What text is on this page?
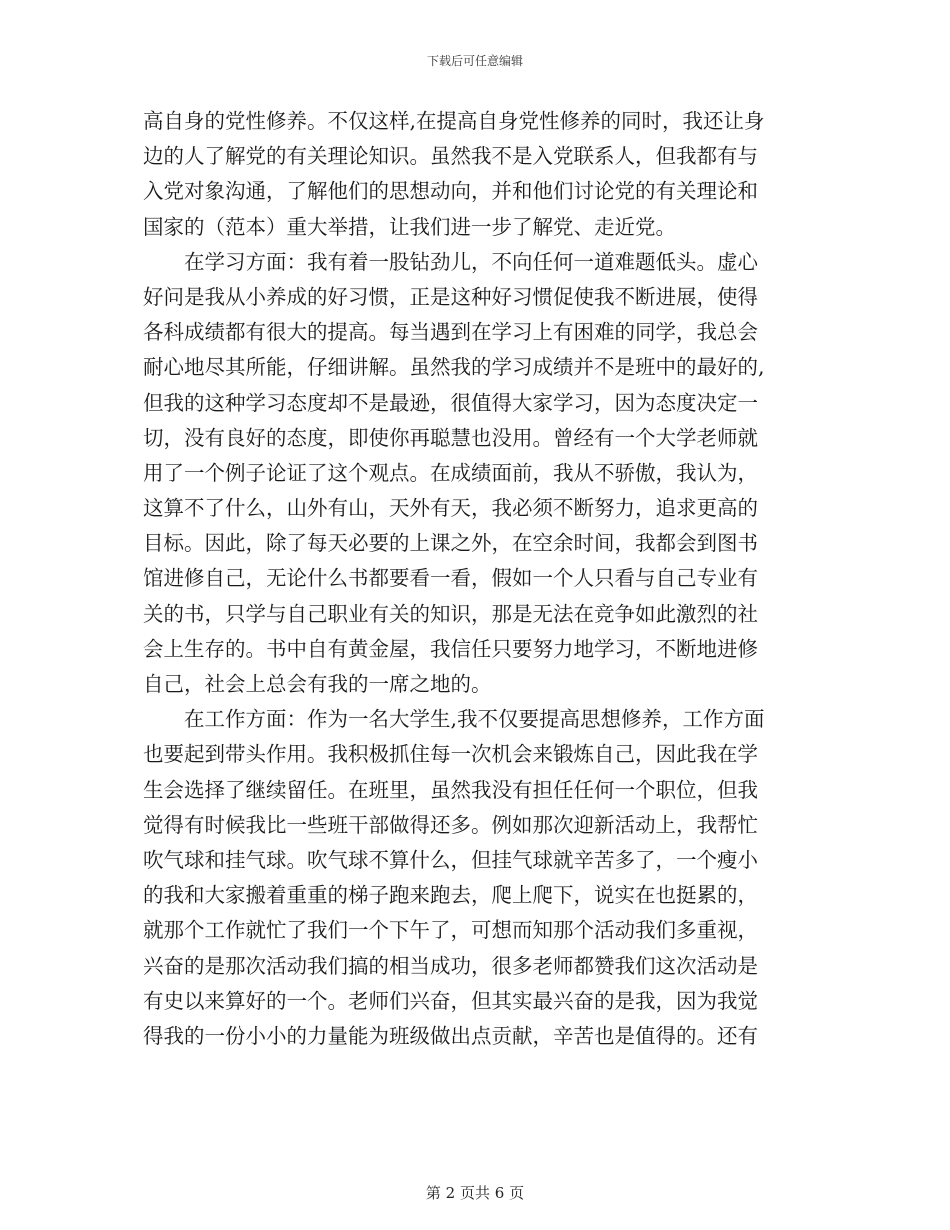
下载后可任意编辑
高自身的党性修养。不仅这样,在提高自身党性修养的同时，我还让身
边的人了解党的有关理论知识。虽然我不是入党联系人，但我都有与
入党对象沟通，了解他们的思想动向，并和他们讨论党的有关理论和
国家的（范本）重大举措，让我们进一步了解党、走近党。
在学习方面：我有着一股钻劲儿，不向任何一道难题低头。虚心
好问是我从小养成的好习惯，正是这种好习惯促使我不断进展，使得
各科成绩都有很大的提高。每当遇到在学习上有困难的同学，我总会
耐心地尽其所能，仔细讲解。虽然我的学习成绩并不是班中的最好的,
但我的这种学习态度却不是最逊，很值得大家学习，因为态度决定一
切，没有良好的态度，即使你再聪慧也没用。曾经有一个大学老师就
用了一个例子论证了这个观点。在成绩面前，我从不骄傲，我认为，
这算不了什么，山外有山，天外有天，我必须不断努力，追求更高的
目标。因此，除了每天必要的上课之外，在空余时间，我都会到图书
馆进修自己，无论什么书都要看一看，假如一个人只看与自己专业有
关的书，只学与自己职业有关的知识，那是无法在竞争如此激烈的社
会上生存的。书中自有黄金屋，我信任只要努力地学习，不断地进修
自己，社会上总会有我的一席之地的。
在工作方面：作为一名大学生,我不仅要提高思想修养，工作方面
也要起到带头作用。我积极抓住每一次机会来锻炼自己，因此我在学
生会选择了继续留任。在班里，虽然我没有担任任何一个职位，但我
觉得有时候我比一些班干部做得还多。例如那次迎新活动上，我帮忙
吹气球和挂气球。吹气球不算什么，但挂气球就辛苦多了，一个瘦小
的我和大家搬着重重的梯子跑来跑去，爬上爬下，说实在也挺累的，
就那个工作就忙了我们一个下午了，可想而知那个活动我们多重视，
兴奋的是那次活动我们搞的相当成功，很多老师都赞我们这次活动是
有史以来算好的一个。老师们兴奋，但其实最兴奋的是我，因为我觉
得我的一份小小的力量能为班级做出点贡献，辛苦也是值得的。还有
第 2 页共 6 页
